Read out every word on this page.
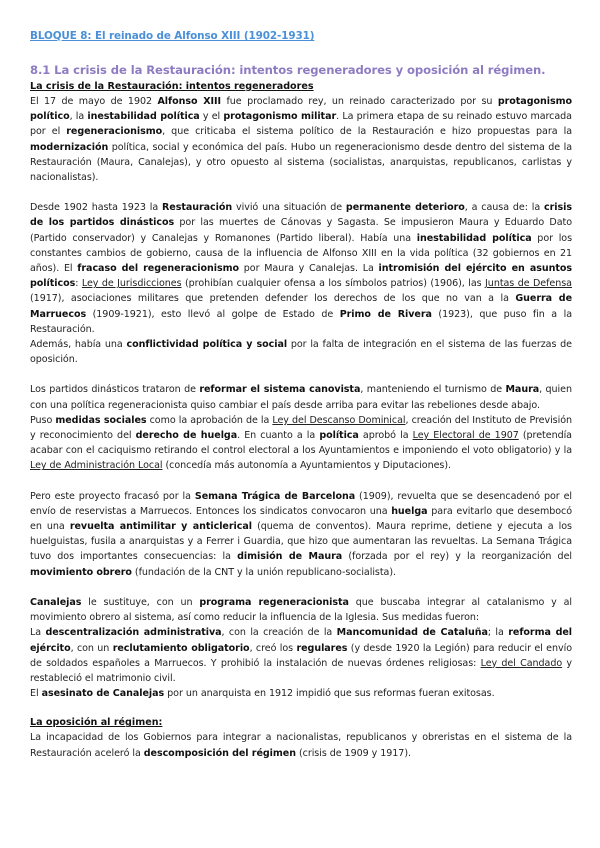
BLOQUE 8: El reinado de Alfonso XIII (1902-1931)
8.1 La crisis de la Restauración: intentos regeneradores y oposición al régimen.
La crisis de la Restauración: intentos regeneradores

El 17 de mayo de 1902 Alfonso XIII fue proclamado rey, un reinado caracterizado por su protagonismo político, la inestabilidad política y el protagonismo militar. La primera etapa de su reinado estuvo marcada por el regeneracionismo, que criticaba el sistema político de la Restauración e hizo propuestas para la modernización política, social y económica del país. Hubo un regeneracionismo desde dentro del sistema de la Restauración (Maura, Canalejas), y otro opuesto al sistema (socialistas, anarquistas, republicanos, carlistas y nacionalistas).

Desde 1902 hasta 1923 la Restauración vivió una situación de permanente deterioro, a causa de: la crisis de los partidos dinásticos por las muertes de Cánovas y Sagasta. Se impusieron Maura y Eduardo Dato (Partido conservador) y Canalejas y Romanones (Partido liberal). Había una inestabilidad política por los constantes cambios de gobierno, causa de la influencia de Alfonso XIII en la vida política (32 gobiernos en 21 años). El fracaso del regeneracionismo por Maura y Canalejas. La intromisión del ejército en asuntos políticos: Ley de Jurisdicciones (prohibían cualquier ofensa a los símbolos patrios) (1906), las Juntas de Defensa (1917), asociaciones militares que pretenden defender los derechos de los que no van a la Guerra de Marruecos (1909-1921), esto llevó al golpe de Estado de Primo de Rivera (1923), que puso fin a la Restauración.

Además, había una conflictividad política y social por la falta de integración en el sistema de las fuerzas de oposición.

Los partidos dinásticos trataron de reformar el sistema canovista, manteniendo el turnismo de Maura, quien con una política regeneracionista quiso cambiar el país desde arriba para evitar las rebeliones desde abajo.

Puso medidas sociales como la aprobación de la Ley del Descanso Dominical, creación del Instituto de Previsión y reconocimiento del derecho de huelga. En cuanto a la política aprobó la Ley Electoral de 1907 (pretendía acabar con el caciquismo retirando el control electoral a los Ayuntamientos e imponiendo el voto obligatorio) y la Ley de Administración Local (concedía más autonomía a Ayuntamientos y Diputaciones).

Pero este proyecto fracasó por la Semana Trágica de Barcelona (1909), revuelta que se desencadenó por el envío de reservistas a Marruecos. Entonces los sindicatos convocaron una huelga para evitarlo que desembocó en una revuelta antimilitar y anticlerical (quema de conventos). Maura reprime, detiene y ejecuta a los huelguistas, fusila a anarquistas y a Ferrer i Guardia, que hizo que aumentaran las revueltas. La Semana Trágica tuvo dos importantes consecuencias: la dimisión de Maura (forzada por el rey) y la reorganización del movimiento obrero (fundación de la CNT y la unión republicano-socialista).

Canalejas le sustituye, con un programa regeneracionista que buscaba integrar al catalanismo y al movimiento obrero al sistema, así como reducir la influencia de la Iglesia. Sus medidas fueron:

La descentralización administrativa, con la creación de la Mancomunidad de Cataluña; la reforma del ejército, con un reclutamiento obligatorio, creó los regulares (y desde 1920 la Legión) para reducir el envío de soldados españoles a Marruecos. Y prohibió la instalación de nuevas órdenes religiosas: Ley del Candado y restableció el matrimonio civil.

El asesinato de Canalejas por un anarquista en 1912 impidió que sus reformas fueran exitosas.

La oposición al régimen:

La incapacidad de los Gobiernos para integrar a nacionalistas, republicanos y obreristas en el sistema de la Restauración aceleró la descomposición del régimen (crisis de 1909 y 1917).
